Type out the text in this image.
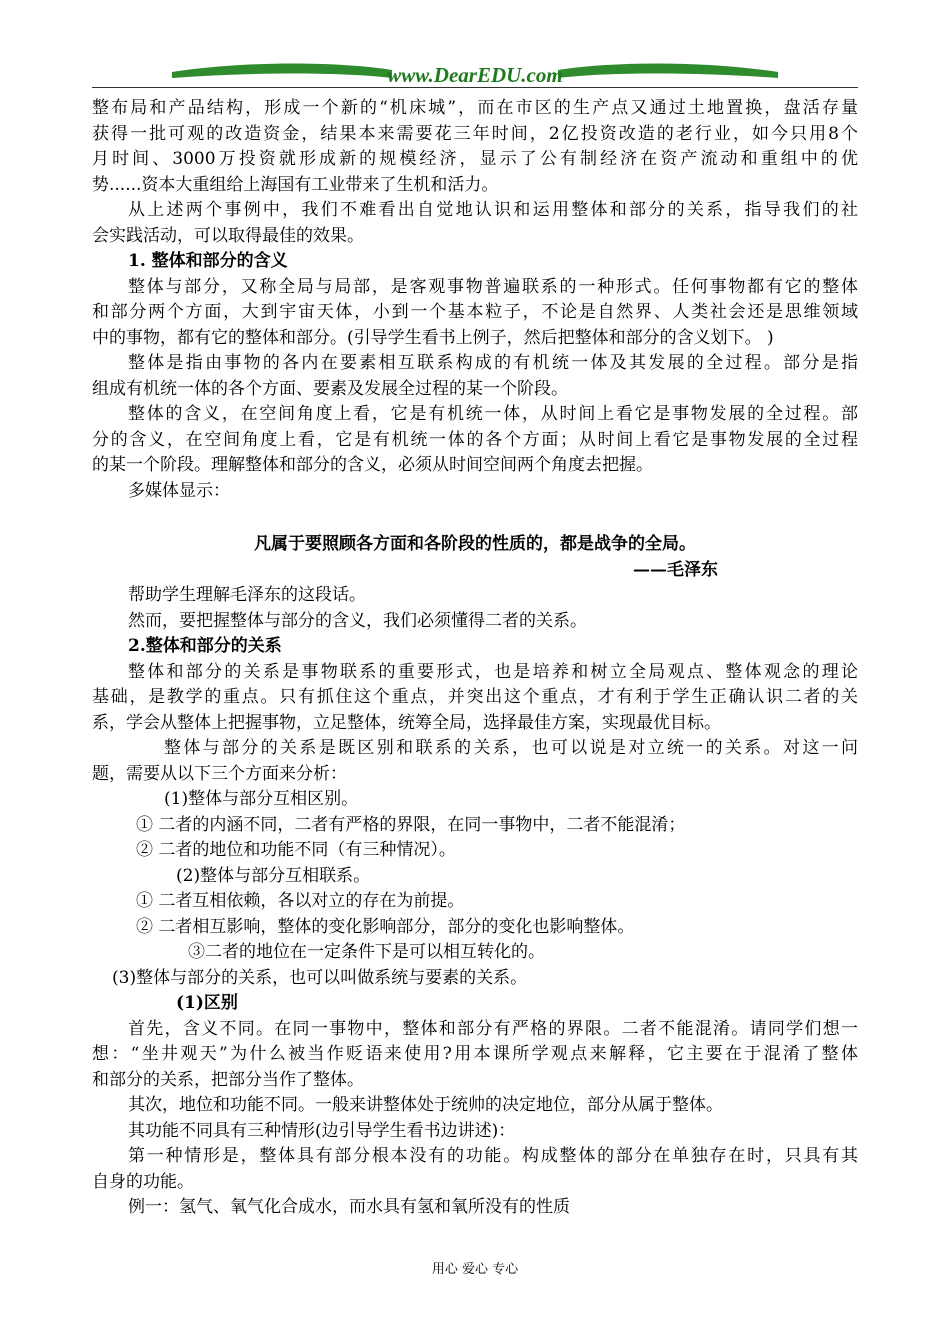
www.DearEDU.com
整布局和产品结构，形成一个新的“机床城”，而在市区的生产点又通过土地置换，盘活存量
获得一批可观的改造资金，结果本来需要花三年时间，2亿投资改造的老行业，如今只用8个
月时间、3000万投资就形成新的规模经济，显示了公有制经济在资产流动和重组中的优
势......资本大重组给上海国有工业带来了生机和活力。
从上述两个事例中，我们不难看出自觉地认识和运用整体和部分的关系，指导我们的社
会实践活动，可以取得最佳的效果。
1. 整体和部分的含义
整体与部分，又称全局与局部，是客观事物普遍联系的一种形式。任何事物都有它的整体
和部分两个方面，大到宇宙天体，小到一个基本粒子，不论是自然界、人类社会还是思维领域
中的事物，都有它的整体和部分。(引导学生看书上例子，然后把整体和部分的含义划下。 )
整体是指由事物的各内在要素相互联系构成的有机统一体及其发展的全过程。部分是指
组成有机统一体的各个方面、要素及发展全过程的某一个阶段。
整体的含义，在空间角度上看，它是有机统一体，从时间上看它是事物发展的全过程。部
分的含义，在空间角度上看，它是有机统一体的各个方面；从时间上看它是事物发展的全过程
的某一个阶段。理解整体和部分的含义，必须从时间空间两个角度去把握。
多媒体显示：
凡属于要照顾各方面和各阶段的性质的，都是战争的全局。
——毛泽东
帮助学生理解毛泽东的这段话。
然而，要把握整体与部分的含义，我们必须懂得二者的关系。
2.整体和部分的关系
整体和部分的关系是事物联系的重要形式，也是培养和树立全局观点、整体观念的理论
基础，是教学的重点。只有抓住这个重点，并突出这个重点，才有利于学生正确认识二者的关
系，学会从整体上把握事物，立足整体，统筹全局，选择最佳方案，实现最优目标。
整体与部分的关系是既区别和联系的关系，也可以说是对立统一的关系。对这一问
题，需要从以下三个方面来分析：
(1)整体与部分互相区别。
① 二者的内涵不同，二者有严格的界限，在同一事物中，二者不能混淆；
② 二者的地位和功能不同（有三种情况）。
(2)整体与部分互相联系。
① 二者互相依赖，各以对立的存在为前提。
② 二者相互影响，整体的变化影响部分，部分的变化也影响整体。
③二者的地位在一定条件下是可以相互转化的。
(3)整体与部分的关系，也可以叫做系统与要素的关系。
(1)区别
首先，含义不同。在同一事物中，整体和部分有严格的界限。二者不能混淆。请同学们想一
想：“坐井观天”为什么被当作贬语来使用?用本课所学观点来解释，它主要在于混淆了整体
和部分的关系，把部分当作了整体。
其次，地位和功能不同。一般来讲整体处于统帅的决定地位，部分从属于整体。
其功能不同具有三种情形(边引导学生看书边讲述)：
第一种情形是，整体具有部分根本没有的功能。构成整体的部分在单独存在时，只具有其
自身的功能。
例一：氢气、氧气化合成水，而水具有氢和氧所没有的性质
用心 爱心 专心
